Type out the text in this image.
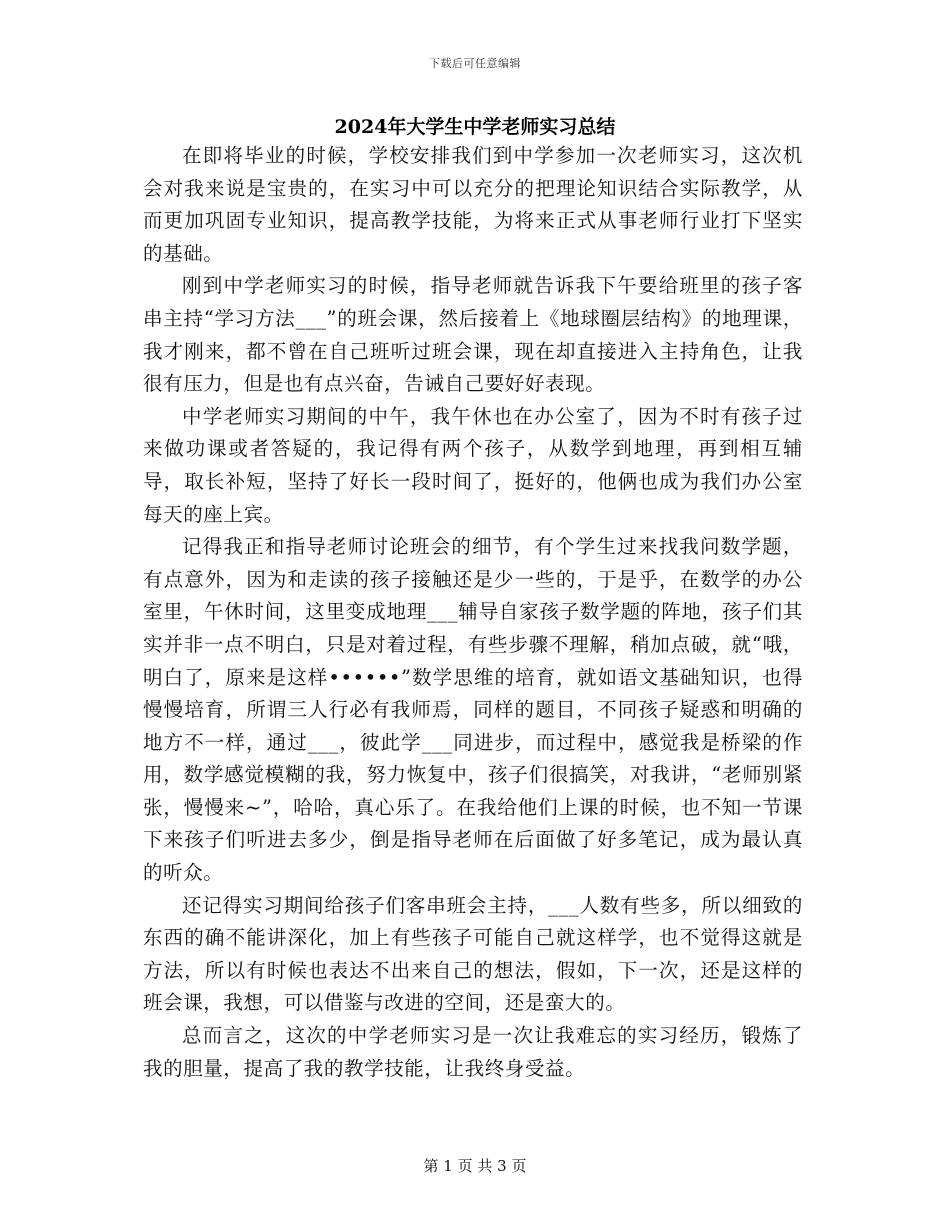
下载后可任意编辑
2024年大学生中学老师实习总结

在即将毕业的时候，学校安排我们到中学参加一次老师实习，这次机会对我来说是宝贵的，在实习中可以充分的把理论知识结合实际教学，从而更加巩固专业知识，提高教学技能，为将来正式从事老师行业打下坚实的基础。

刚到中学老师实习的时候，指导老师就告诉我下午要给班里的孩子客串主持“学习方法___”的班会课，然后接着上《地球圈层结构》的地理课，我才刚来，都不曾在自己班听过班会课，现在却直接进入主持角色，让我很有压力，但是也有点兴奋，告诫自己要好好表现。

中学老师实习期间的中午，我午休也在办公室了，因为不时有孩子过来做功课或者答疑的，我记得有两个孩子，从数学到地理，再到相互辅导，取长补短，坚持了好长一段时间了，挺好的，他俩也成为我们办公室每天的座上宾。

记得我正和指导老师讨论班会的细节，有个学生过来找我问数学题，有点意外，因为和走读的孩子接触还是少一些的，于是乎，在数学的办公室里，午休时间，这里变成地理___辅导自家孩子数学题的阵地，孩子们其实并非一点不明白，只是对着过程，有些步骤不理解，稍加点破，就“哦，明白了，原来是这样••••••”数学思维的培育，就如语文基础知识，也得慢慢培育，所谓三人行必有我师焉，同样的题目，不同孩子疑惑和明确的地方不一样，通过___，彼此学___同进步，而过程中，感觉我是桥梁的作用，数学感觉模糊的我，努力恢复中，孩子们很搞笑，对我讲，“老师别紧张，慢慢来~”，哈哈，真心乐了。在我给他们上课的时候，也不知一节课下来孩子们听进去多少，倒是指导老师在后面做了好多笔记，成为最认真的听众。

还记得实习期间给孩子们客串班会主持，___人数有些多，所以细致的东西的确不能讲深化，加上有些孩子可能自己就这样学，也不觉得这就是方法，所以有时候也表达不出来自己的想法，假如，下一次，还是这样的班会课，我想，可以借鉴与改进的空间，还是蛮大的。

总而言之，这次的中学老师实习是一次让我难忘的实习经历，锻炼了我的胆量，提高了我的教学技能，让我终身受益。

第 1 页 共 3 页
